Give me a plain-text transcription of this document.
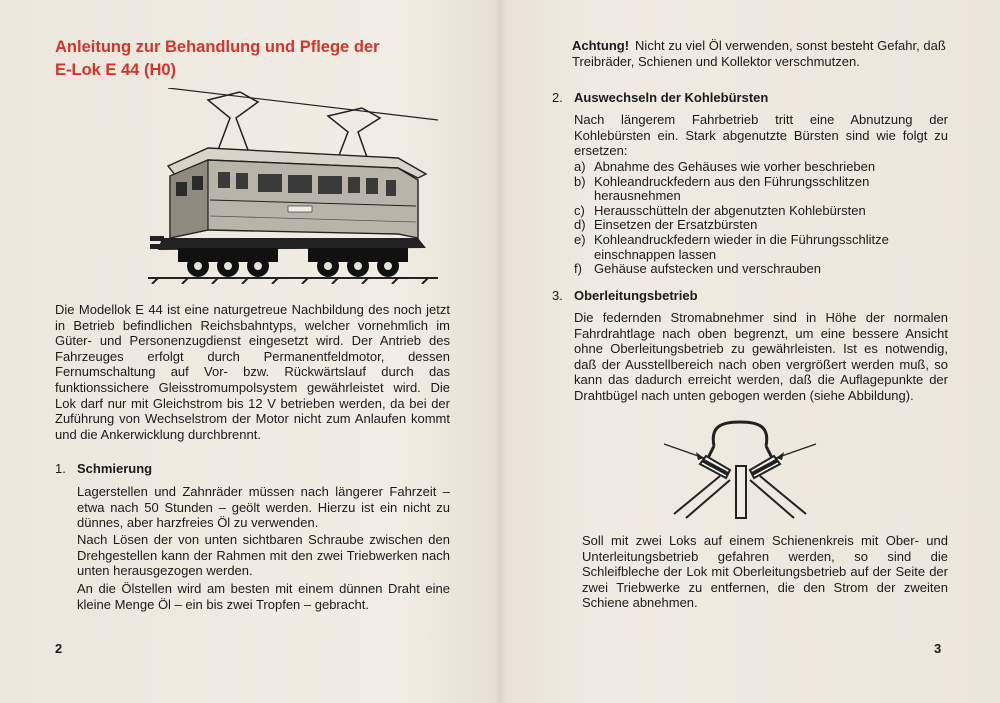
Anleitung zur Behandlung und Pflege der
E-Lok E 44 (H0)
Die Modellok E 44 ist eine naturgetreue Nachbildung des noch jetzt in Betrieb befindlichen Reichsbahntyps, welcher vornehmlich im Güter- und Personenzugdienst eingesetzt wird. Der Antrieb des Fahrzeuges erfolgt durch Permanentfeldmotor, dessen Fernumschaltung auf Vor- bzw. Rückwärtslauf durch das funktionssichere Gleisstromumpolsystem gewährleistet wird. Die Lok darf nur mit Gleichstrom bis 12 V betrieben werden, da bei der Zuführung von Wechselstrom der Motor nicht zum Anlaufen kommt und die Ankerwicklung durchbrennt.
1. Schmierung
Lagerstellen und Zahnräder müssen nach längerer Fahrzeit – etwa nach 50 Stunden – geölt werden. Hierzu ist ein nicht zu dünnes, aber harzfreies Öl zu verwenden.
Nach Lösen der von unten sichtbaren Schraube zwischen den Drehgestellen kann der Rahmen mit den zwei Triebwerken nach unten herausgezogen werden.
An die Ölstellen wird am besten mit einem dünnen Draht eine kleine Menge Öl – ein bis zwei Tropfen – gebracht.
2
Achtung! Nicht zu viel Öl verwenden, sonst besteht Gefahr, daß Treibräder, Schienen und Kollektor verschmutzen.
2. Auswechseln der Kohlebürsten
Nach längerem Fahrbetrieb tritt eine Abnutzung der Kohlebürsten ein. Stark abgenutzte Bürsten sind wie folgt zu ersetzen:
a) Abnahme des Gehäuses wie vorher beschrieben
b) Kohleandruckfedern aus den Führungsschlitzen herausnehmen
c) Herausschütteln der abgenutzten Kohlebürsten
d) Einsetzen der Ersatzbürsten
e) Kohleandruckfedern wieder in die Führungsschlitze einschnappen lassen
f) Gehäuse aufstecken und verschrauben
3. Oberleitungsbetrieb
Die federnden Stromabnehmer sind in Höhe der normalen Fahrdrahtlage nach oben begrenzt, um eine bessere Ansicht ohne Oberleitungsbetrieb zu gewährleisten. Ist es notwendig, daß der Ausstellbereich nach oben vergrößert werden muß, so kann das dadurch erreicht werden, daß die Auflagepunkte der Drahtbügel nach unten gebogen werden (siehe Abbildung).
Soll mit zwei Loks auf einem Schienenkreis mit Ober- und Unterleitungsbetrieb gefahren werden, so sind die Schleifbleche der Lok mit Oberleitungsbetrieb auf der Seite der zwei Triebwerke zu entfernen, die den Strom der zweiten Schiene abnehmen.
3
